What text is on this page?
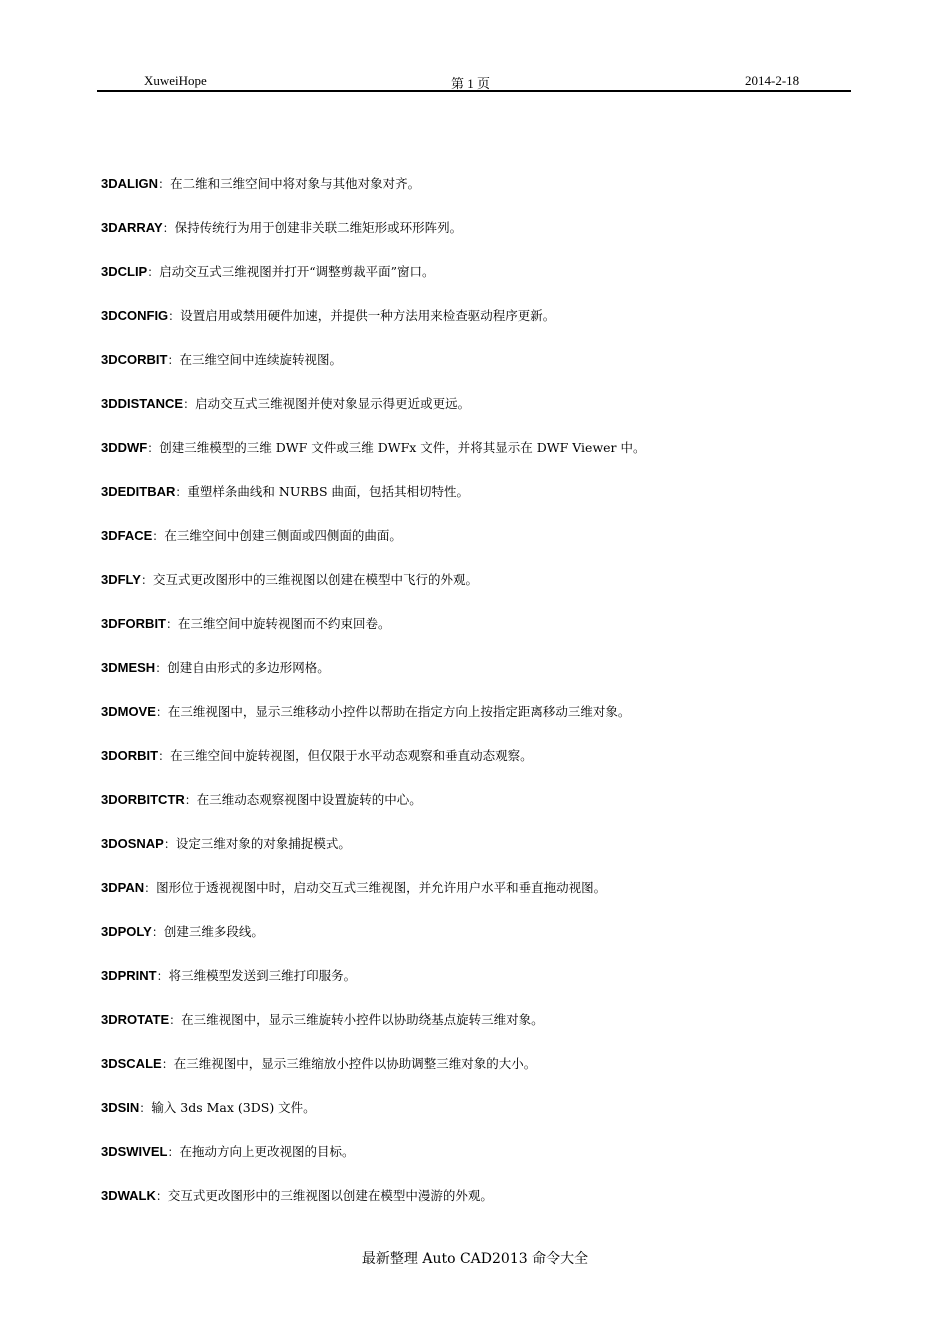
XuweiHope	第 1 页	2014-2-18
3DALIGN：在二维和三维空间中将对象与其他对象对齐。
3DARRAY：保持传统行为用于创建非关联二维矩形或环形阵列。
3DCLIP：启动交互式三维视图并打开“调整剪裁平面”窗口。
3DCONFIG：设置启用或禁用硬件加速，并提供一种方法用来检查驱动程序更新。
3DCORBIT：在三维空间中连续旋转视图。
3DDISTANCE：启动交互式三维视图并使对象显示得更近或更远。
3DDWF：创建三维模型的三维 DWF 文件或三维 DWFx 文件，并将其显示在 DWF Viewer 中。
3DEDITBAR：重塑样条曲线和 NURBS 曲面，包括其相切特性。
3DFACE：在三维空间中创建三侧面或四侧面的曲面。
3DFLY：交互式更改图形中的三维视图以创建在模型中飞行的外观。
3DFORBIT：在三维空间中旋转视图而不约束回卷。
3DMESH：创建自由形式的多边形网格。
3DMOVE：在三维视图中，显示三维移动小控件以帮助在指定方向上按指定距离移动三维对象。
3DORBIT：在三维空间中旋转视图，但仅限于水平动态观察和垂直动态观察。
3DORBITCTR：在三维动态观察视图中设置旋转的中心。
3DOSNAP：设定三维对象的对象捕捉模式。
3DPAN：图形位于透视视图中时，启动交互式三维视图，并允许用户水平和垂直拖动视图。
3DPOLY：创建三维多段线。
3DPRINT：将三维模型发送到三维打印服务。
3DROTATE：在三维视图中，显示三维旋转小控件以协助绕基点旋转三维对象。
3DSCALE：在三维视图中，显示三维缩放小控件以协助调整三维对象的大小。
3DSIN：输入 3ds Max (3DS) 文件。
3DSWIVEL：在拖动方向上更改视图的目标。
3DWALK：交互式更改图形中的三维视图以创建在模型中漫游的外观。
最新整理 Auto CAD2013 命令大全
